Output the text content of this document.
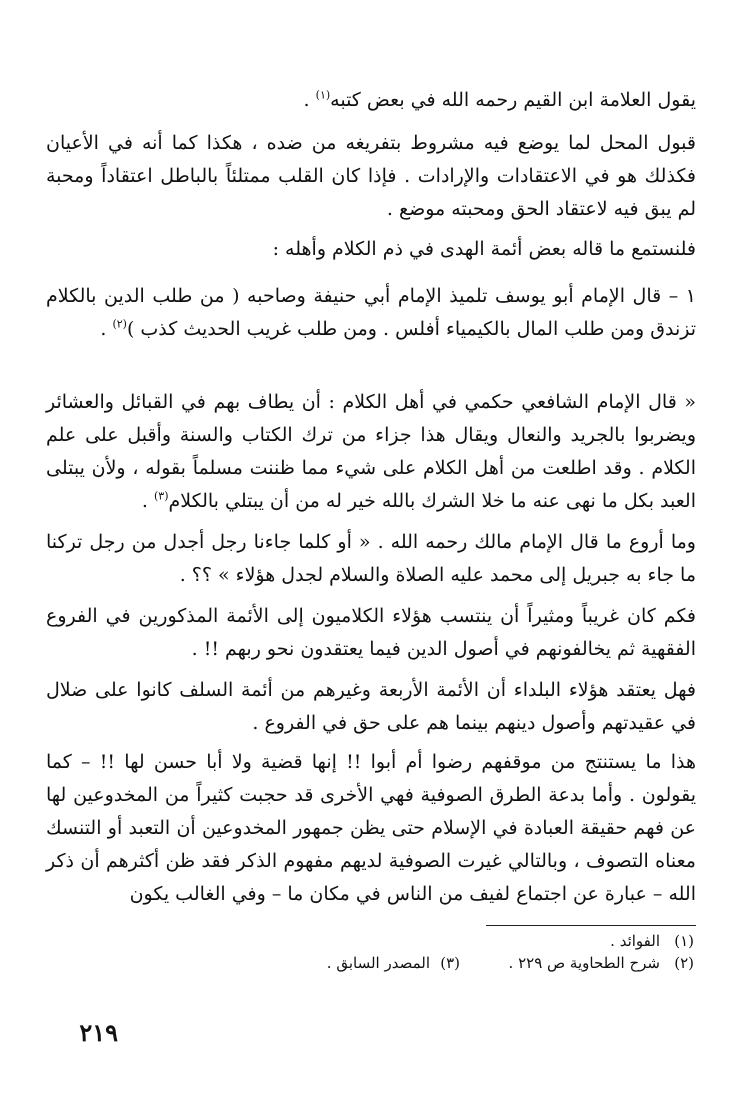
يقول العلامة ابن القيم رحمه الله في بعض كتبه$^{(١)}$ .

قبول المحل لما يوضع فيه مشروط بتفريغه من ضده ، هكذا كما أنه في الأعيان فكذلك هو في الاعتقادات والإرادات . فإذا كان القلب ممتلئاً بالباطل اعتقاداً ومحبة لم يبق فيه لاعتقاد الحق ومحبته موضع .

فلنستمع ما قاله بعض أئمة الهدى في ذم الكلام وأهله :

١ – قال الإمام أبو يوسف تلميذ الإمام أبي حنيفة وصاحبه ( من طلب الدين بالكلام تزندق ومن طلب المال بالكيمياء أفلس . ومن طلب غريب الحديث كذب )$^{(٢)}$ .

« قال الإمام الشافعي حكمي في أهل الكلام : أن يطاف بهم في القبائل والعشائر ويضربوا بالجريد والنعال ويقال هذا جزاء من ترك الكتاب والسنة وأقبل على علم الكلام . وقد اطلعت من أهل الكلام على شيء مما ظننت مسلماً بقوله ، ولأن يبتلى العبد بكل ما نهى عنه ما خلا الشرك بالله خير له من أن يبتلي بالكلام$^{(٣)}$ .

وما أروع ما قال الإمام مالك رحمه الله . « أو كلما جاءنا رجل أجدل من رجل تركنا ما جاء به جبريل إلى محمد عليه الصلاة والسلام لجدل هؤلاء » ؟؟ .

فكم كان غريباً ومثيراً أن ينتسب هؤلاء الكلاميون إلى الأئمة المذكورين في الفروع الفقهية ثم يخالفونهم في أصول الدين فيما يعتقدون نحو ربهم !! .

فهل يعتقد هؤلاء البلداء أن الأئمة الأربعة وغيرهم من أئمة السلف كانوا على ضلال في عقيدتهم وأصول دينهم بينما هم على حق في الفروع .

هذا ما يستنتج من موقفهم رضوا أم أبوا !! إنها قضية ولا أبا حسن لها !! – كما يقولون . وأما بدعة الطرق الصوفية فهي الأخرى قد حجبت كثيراً من المخدوعين لها عن فهم حقيقة العبادة في الإسلام حتى يظن جمهور المخدوعين أن التعبد أو التنسك معناه التصوف ، وبالتالي غيرت الصوفية لديهم مفهوم الذكر فقد ظن أكثرهم أن ذكر الله – عبارة عن اجتماع لفيف من الناس في مكان ما – وفي الغالب يكون

(١)
الفوائد .
(٢)
شرح الطحاوية ص ٢٢٩ .
(٣)
المصدر السابق .
٢١٩
